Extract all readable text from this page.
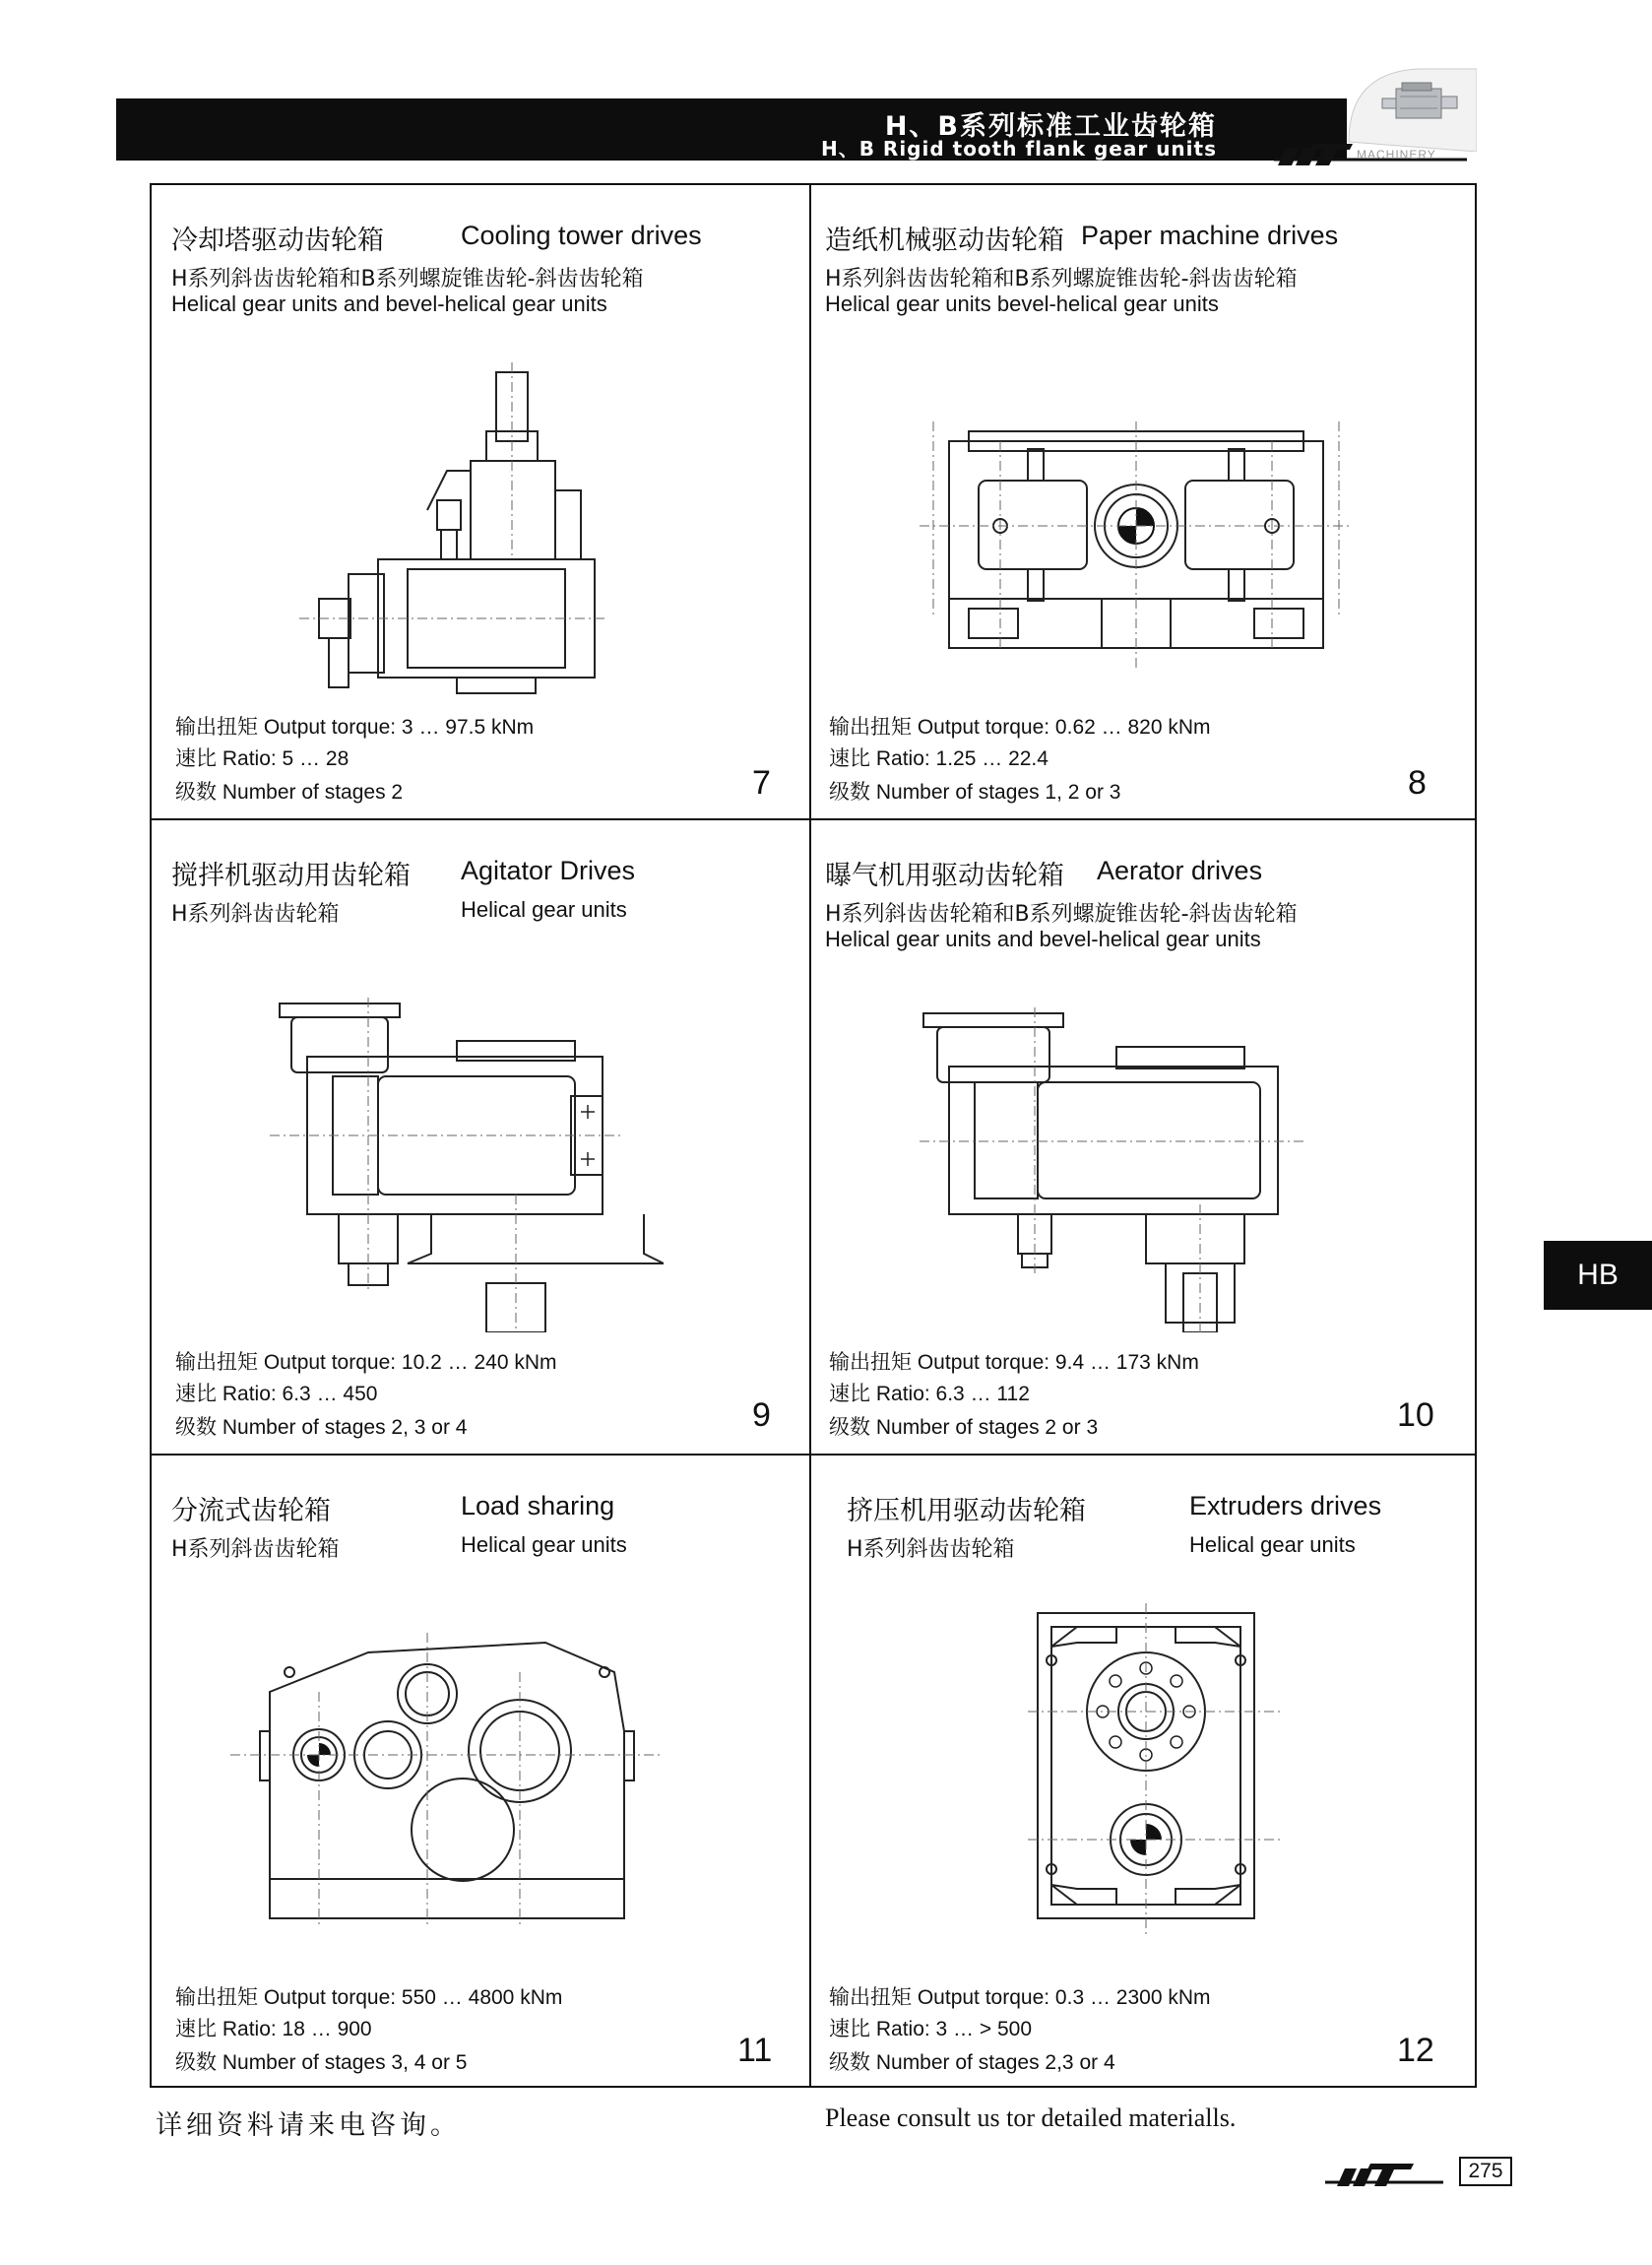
H、B系列标准工业齿轮箱
H、B Rigid tooth flank gear units	MACHINERY
HB
冷却塔驱动齿轮箱	Cooling tower drives
H系列斜齿齿轮箱和B系列螺旋锥齿轮-斜齿齿轮箱
Helical gear units and bevel-helical gear units
输出扭矩 Output torque: 3 … 97.5 kNm
速比 Ratio: 5 … 28
级数 Number of stages 2	7
造纸机械驱动齿轮箱 Paper machine drives
H系列斜齿齿轮箱和B系列螺旋锥齿轮-斜齿齿轮箱
Helical gear units bevel-helical gear units
输出扭矩 Output torque: 0.62 … 820 kNm
速比 Ratio: 1.25 … 22.4
级数 Number of stages 1, 2 or 3	8
搅拌机驱动用齿轮箱 Agitator Drives
H系列斜齿齿轮箱	Helical gear units
输出扭矩 Output torque: 10.2 … 240 kNm
速比 Ratio: 6.3 … 450
级数 Number of stages 2, 3 or 4	9
曝气机用驱动齿轮箱 Aerator drives
H系列斜齿齿轮箱和B系列螺旋锥齿轮-斜齿齿轮箱
Helical gear units and bevel-helical gear units
输出扭矩 Output torque: 9.4 … 173 kNm
速比 Ratio: 6.3 … 112
级数 Number of stages 2 or 3	10
分流式齿轮箱	Load sharing
H系列斜齿齿轮箱	Helical gear units
输出扭矩 Output torque: 550 … 4800 kNm
速比 Ratio: 18 … 900
级数 Number of stages 3, 4 or 5	11
挤压机用驱动齿轮箱	Extruders drives
H系列斜齿齿轮箱	Helical gear units
输出扭矩 Output torque: 0.3 … 2300 kNm
速比 Ratio: 3 … > 500
级数 Number of stages 2,3 or 4	12
详细资料请来电咨询。	Please consult us tor detailed materialls.
275
